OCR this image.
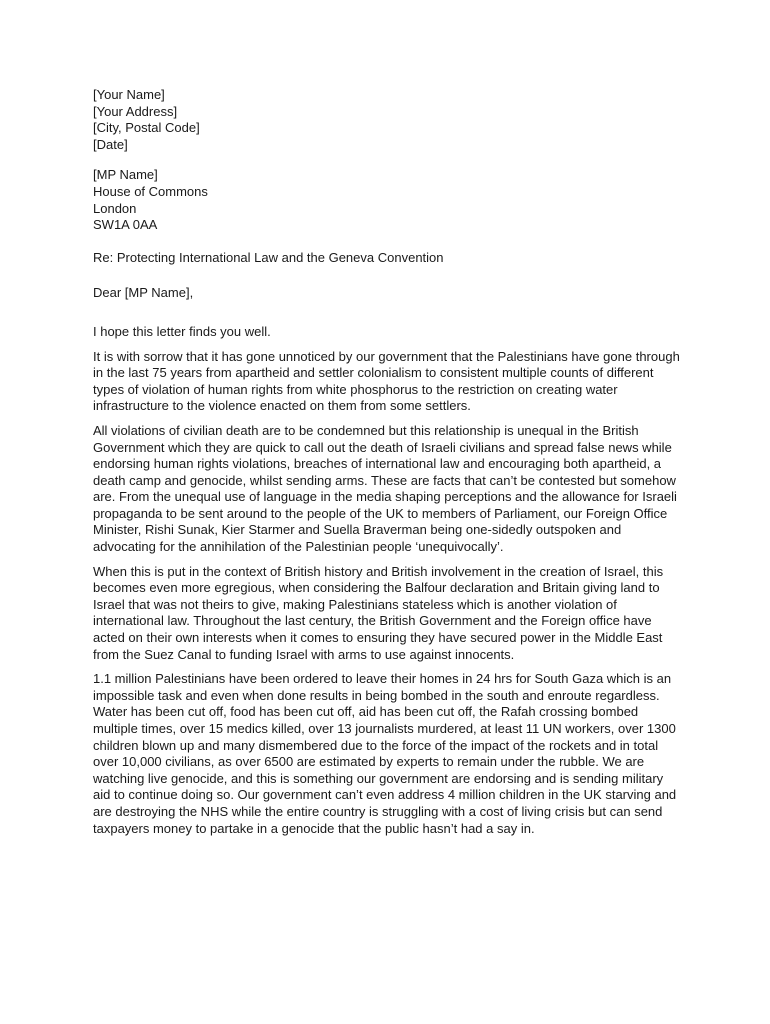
[Your Name]
[Your Address]
[City, Postal Code]
[Date]
[MP Name]
House of Commons
London
SW1A 0AA
Re: Protecting International Law and the Geneva Convention
Dear [MP Name],

I hope this letter finds you well.

It is with sorrow that it has gone unnoticed by our government that the Palestinians have gone through in the last 75 years from apartheid and settler colonialism to consistent multiple counts of different types of violation of human rights from white phosphorus to the restriction on creating water infrastructure to the violence enacted on them from some settlers.

All violations of civilian death are to be condemned but this relationship is unequal in the British Government which they are quick to call out the death of Israeli civilians and spread false news while endorsing human rights violations, breaches of international law and encouraging both apartheid, a death camp and genocide, whilst sending arms. These are facts that can’t be contested but somehow are. From the unequal use of language in the media shaping perceptions and the allowance for Israeli propaganda to be sent around to the people of the UK to members of Parliament, our Foreign Office Minister, Rishi Sunak, Kier Starmer and Suella Braverman being one-sidedly outspoken and advocating for the annihilation of the Palestinian people ‘unequivocally’.

When this is put in the context of British history and British involvement in the creation of Israel, this becomes even more egregious, when considering the Balfour declaration and Britain giving land to Israel that was not theirs to give, making Palestinians stateless which is another violation of international law. Throughout the last century, the British Government and the Foreign office have acted on their own interests when it comes to ensuring they have secured power in the Middle East from the Suez Canal to funding Israel with arms to use against innocents.

1.1 million Palestinians have been ordered to leave their homes in 24 hrs for South Gaza which is an impossible task and even when done results in being bombed in the south and enroute regardless. Water has been cut off, food has been cut off, aid has been cut off, the Rafah crossing bombed multiple times, over 15 medics killed, over 13 journalists murdered, at least 11 UN workers, over 1300 children blown up and many dismembered due to the force of the impact of the rockets and in total over 10,000 civilians, as over 6500 are estimated by experts to remain under the rubble. We are watching live genocide, and this is something our government are endorsing and is sending military aid to continue doing so. Our government can’t even address 4 million children in the UK starving and are destroying the NHS while the entire country is struggling with a cost of living crisis but can send taxpayers money to partake in a genocide that the public hasn’t had a say in.
